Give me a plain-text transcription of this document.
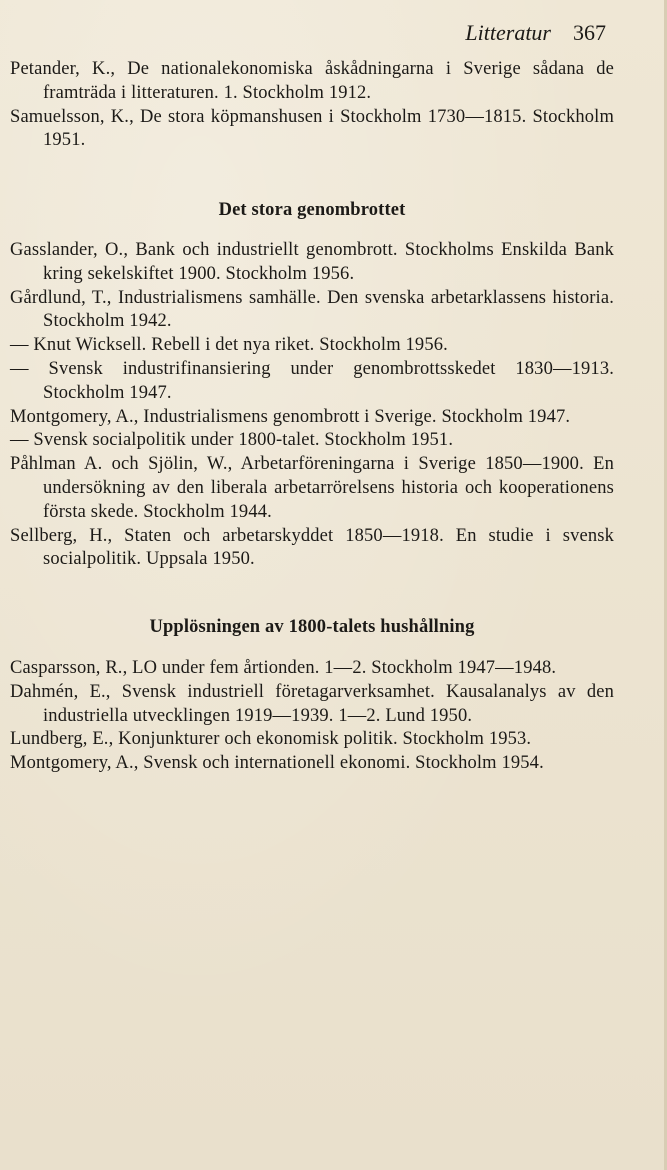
Litteratur 367

Petander, K., De nationalekonomiska åskådningarna i Sverige sådana de framträda i litteraturen. 1. Stockholm 1912.

Samuelsson, K., De stora köpmanshusen i Stockholm 1730—1815. Stockholm 1951.

Det stora genombrottet

Gasslander, O., Bank och industriellt genombrott. Stockholms Enskilda Bank kring sekelskiftet 1900. Stockholm 1956.

Gårdlund, T., Industrialismens samhälle. Den svenska arbetarklassens historia. Stockholm 1942.

— Knut Wicksell. Rebell i det nya riket. Stockholm 1956.

— Svensk industrifinansiering under genombrottsskedet 1830—1913. Stockholm 1947.

Montgomery, A., Industrialismens genombrott i Sverige. Stockholm 1947.

— Svensk socialpolitik under 1800-talet. Stockholm 1951.

Påhlman A. och Sjölin, W., Arbetarföreningarna i Sverige 1850—1900. En undersökning av den liberala arbetarrörelsens historia och kooperationens första skede. Stockholm 1944.

Sellberg, H., Staten och arbetarskyddet 1850—1918. En studie i svensk socialpolitik. Uppsala 1950.

Upplösningen av 1800-talets hushållning

Casparsson, R., LO under fem årtionden. 1—2. Stockholm 1947—1948.

Dahmén, E., Svensk industriell företagarverksamhet. Kausalanalys av den industriella utvecklingen 1919—1939. 1—2. Lund 1950.

Lundberg, E., Konjunkturer och ekonomisk politik. Stockholm 1953.

Montgomery, A., Svensk och internationell ekonomi. Stockholm 1954.
